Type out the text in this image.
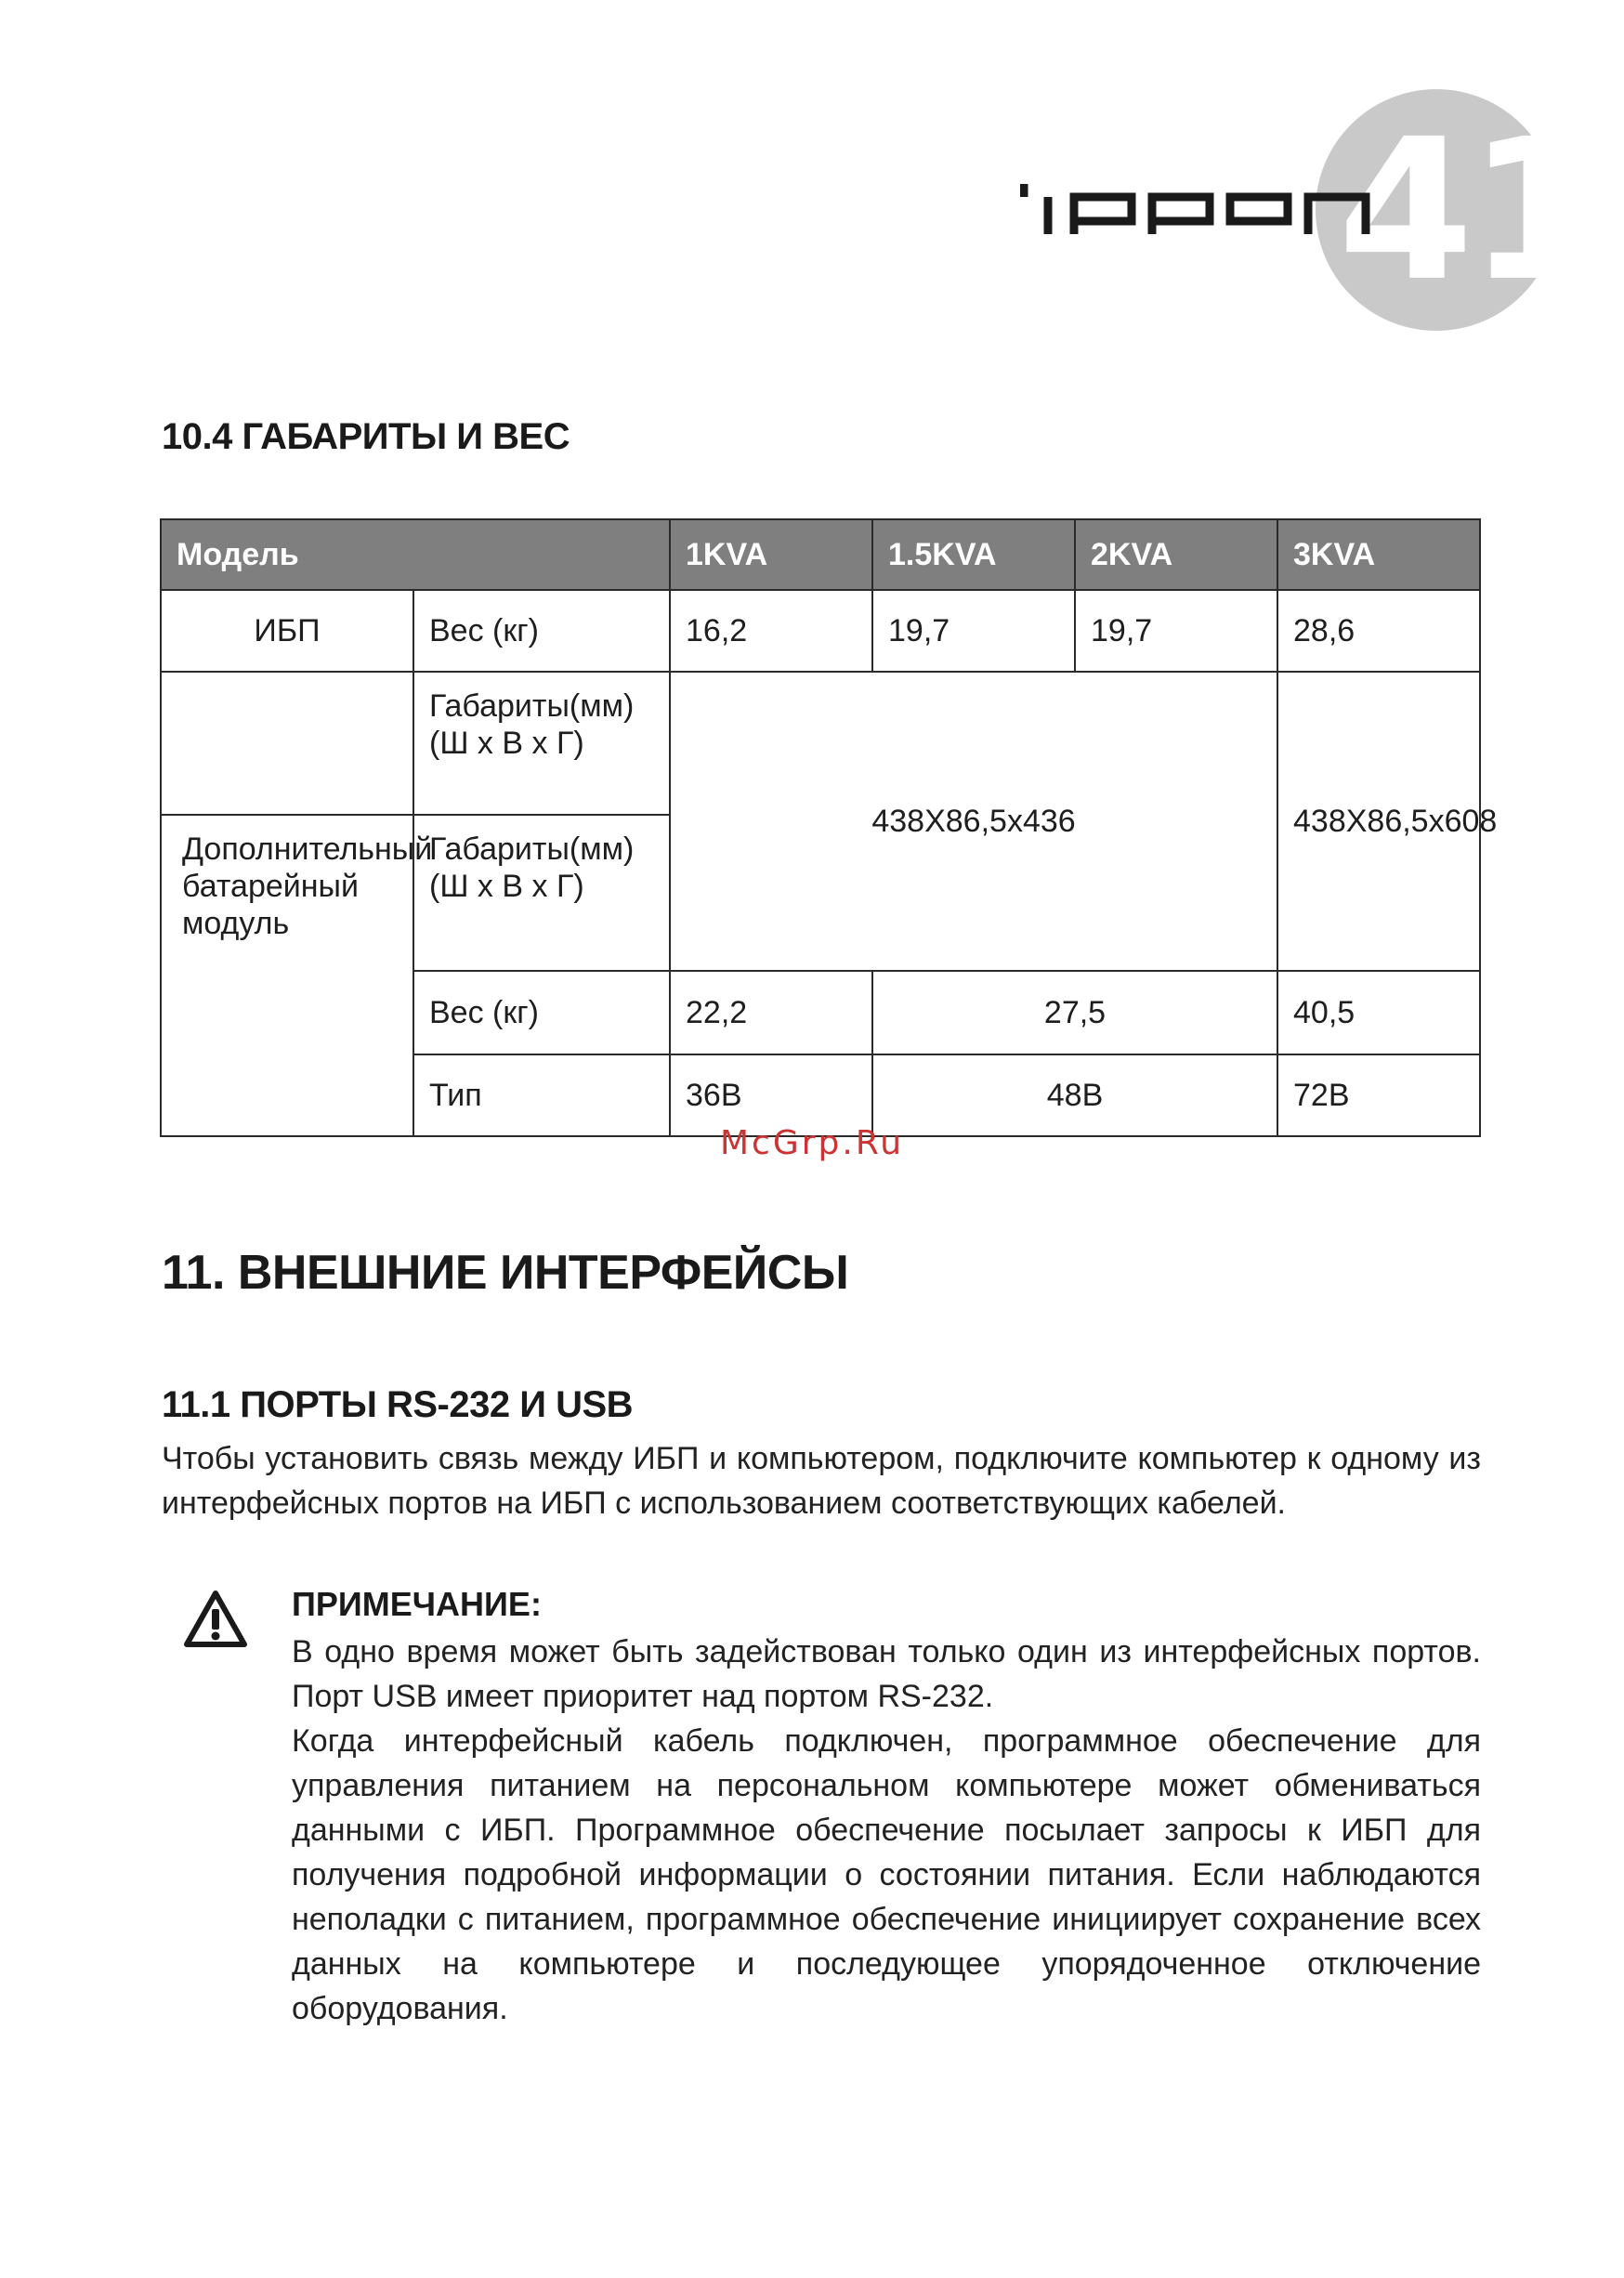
41
10.4 ГАБАРИТЫ И ВЕС
Модель		1KVA	1.5KVA	2KVA	3KVA
ИБП	Вес (кг)	16,2	19,7	19,7	28,6
	Габариты(мм) (Ш x В x Г)	438X86,5x436			438X86,5x608
Дополнительный батарейный модуль	Габариты(мм) (Ш x В x Г)				
	Вес (кг)	22,2	27,5		40,5
	Тип	36В	48В		72В
McGrp.Ru
11. ВНЕШНИЕ ИНТЕРФЕЙСЫ
11.1 ПОРТЫ RS-232 И USB

Чтобы установить связь между ИБП и компьютером, подключите компьютер к одному из интерфейсных портов на ИБП с использованием соответствующих кабелей.

ПРИМЕЧАНИЕ:

В одно время может быть задействован только один из интерфейсных портов. Порт USB имеет приоритет над портом RS-232.

Когда интерфейсный кабель подключен, программное обеспечение для управления питанием на персональном компьютере может обмениваться данными с ИБП. Программное обеспечение посылает запросы к ИБП для получения подробной информации о состоянии питания. Если наблюдаются неполадки с питанием, программное обеспечение инициирует сохранение всех данных на компьютере и последующее упорядоченное отключение оборудования.
